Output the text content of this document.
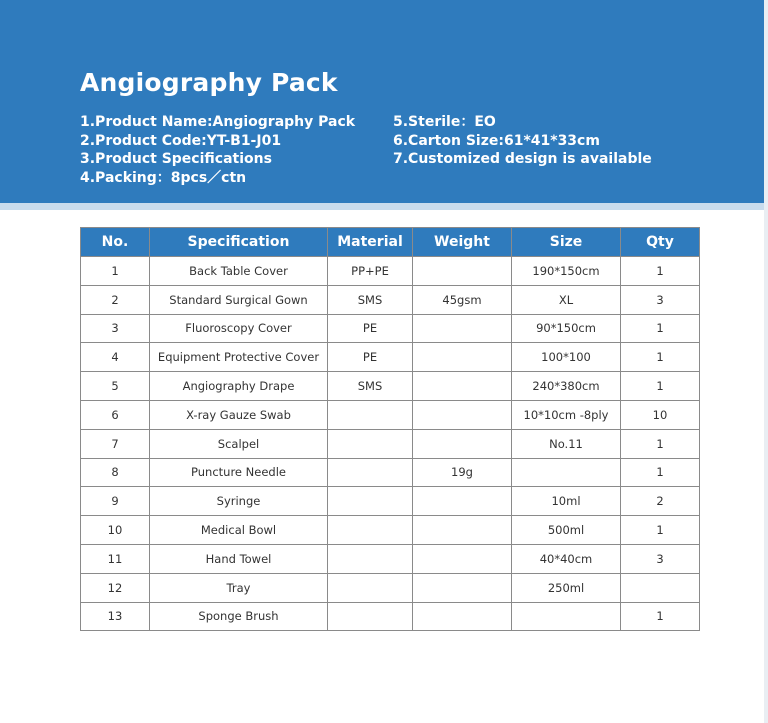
Angiography Pack
1.Product Name:Angiography Pack
2.Product Code:YT-B1-J01
3.Product Specifications
4.Packing：8pcs／ctn
5.Sterile：EO
6.Carton Size:61*41*33cm
7.Customized design is available
No.	Specification	Material	Weight	Size	Qty
1	Back Table Cover	PP+PE		190*150cm	1
2	Standard Surgical Gown	SMS	45gsm	XL	3
3	Fluoroscopy Cover	PE		90*150cm	1
4	Equipment Protective Cover	PE		100*100	1
5	Angiography Drape	SMS		240*380cm	1
6	X-ray Gauze Swab			10*10cm -8ply	10
7	Scalpel			No.11	1
8	Puncture Needle		19g		1
9	Syringe			10ml	2
10	Medical Bowl			500ml	1
11	Hand Towel			40*40cm	3
12	Tray			250ml	
13	Sponge Brush				1
